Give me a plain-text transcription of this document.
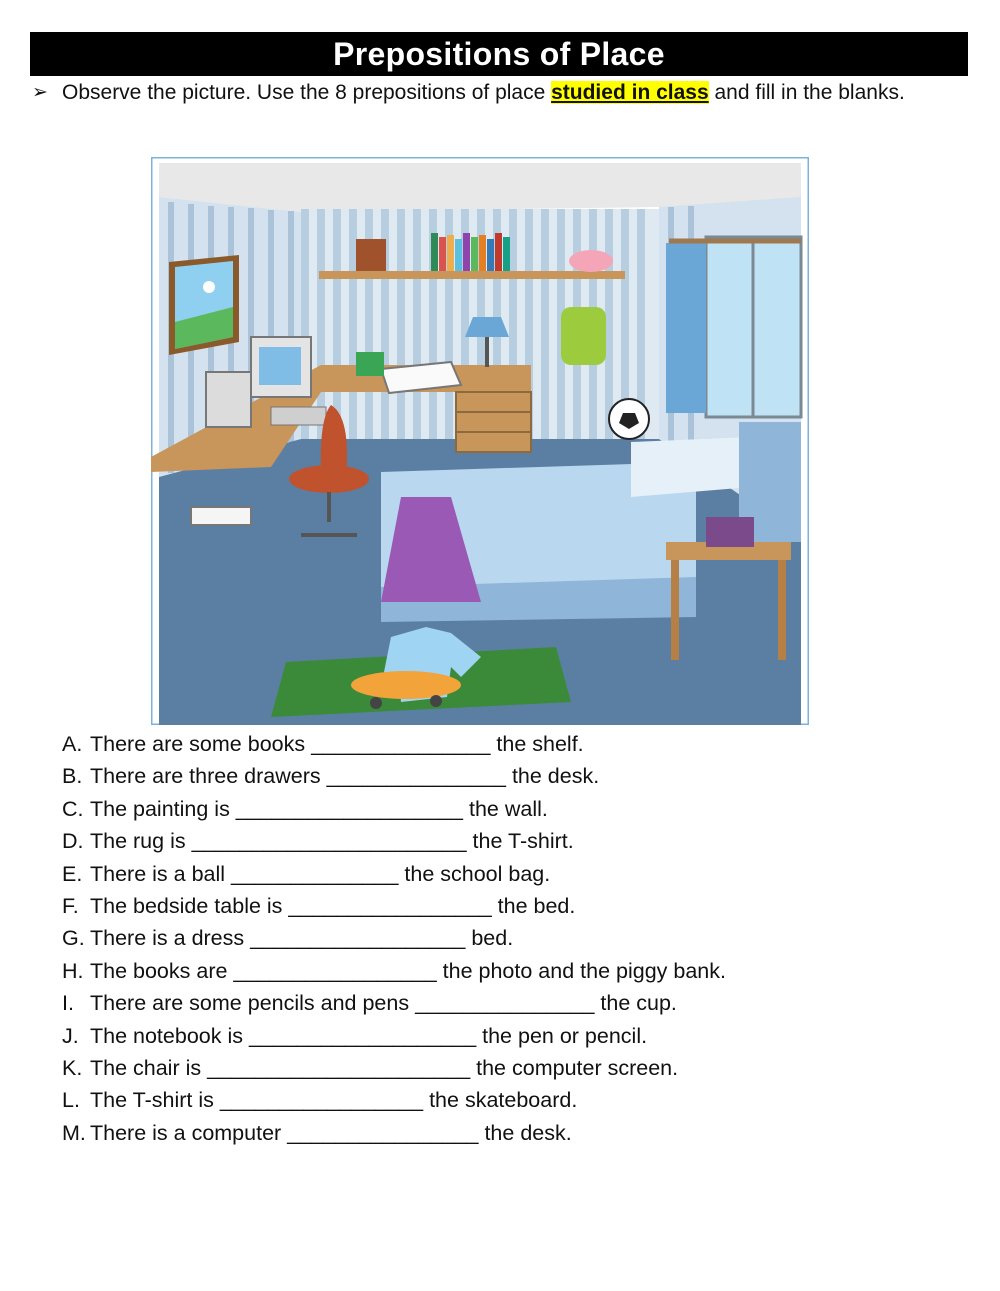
Prepositions of Place
➢ Observe the picture. Use the 8 prepositions of place studied in class and fill in the blanks.
A. There are some books _______________ the shelf.
B. There are three drawers _______________ the desk.
C. The painting is ___________________ the wall.
D. The rug is _______________________ the T-shirt.
E. There is a ball ______________ the school bag.
F. The bedside table is _________________ the bed.
G. There is a dress __________________ bed.
H. The books are _________________ the photo and the piggy bank.
I. There are some pencils and pens _______________ the cup.
J. The notebook is ___________________ the pen or pencil.
K. The chair is ______________________ the computer screen.
L. The T-shirt is _________________ the skateboard.
M. There is a computer ________________ the desk.
